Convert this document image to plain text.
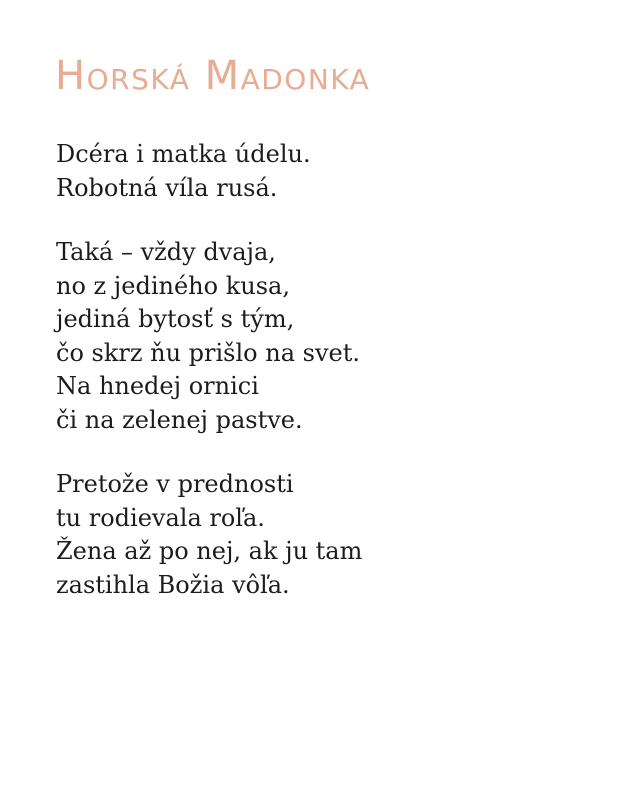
Horská Madonka
Dcéra i matka údelu.
Robotná víla rusá.
Taká – vždy dvaja,
no z jediného kusa,
jediná bytosť s tým,
čo skrz ňu prišlo na svet.
Na hnedej ornici
či na zelenej pastve.
Pretože v prednosti
tu rodievala roľa.
Žena až po nej, ak ju tam
zastihla Božia vôľa.
